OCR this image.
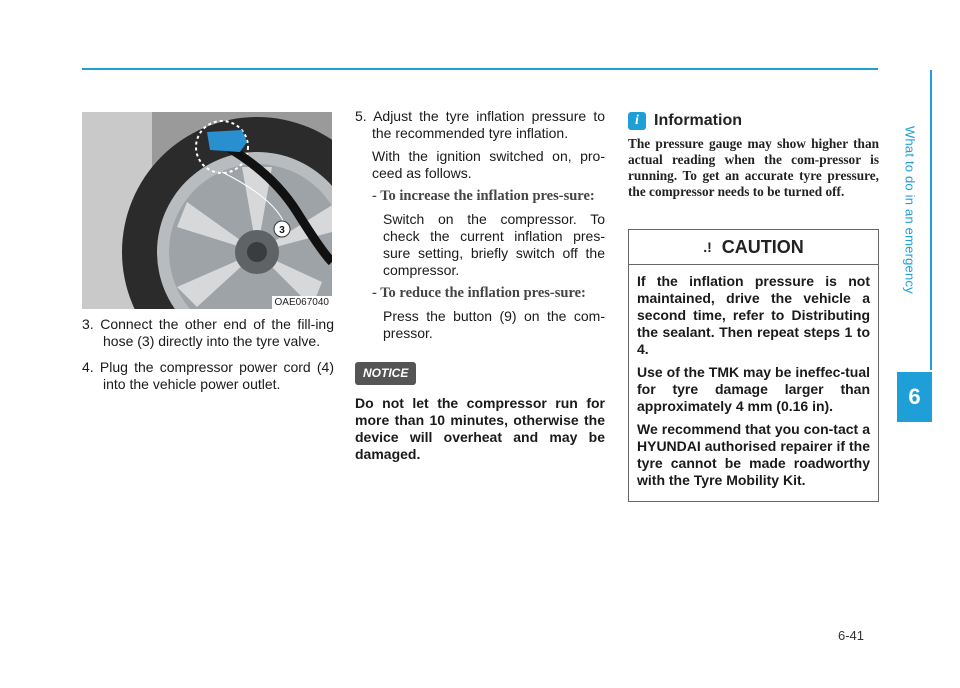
What to do in an emergency
6
3
OAE067040

3. Connect the other end of the fill-ing hose (3) directly into the tyre valve.

4. Plug the compressor power cord (4) into the vehicle power outlet.

5. Adjust the tyre inflation pressure to the recommended tyre inflation.

With the ignition switched on, pro-ceed as follows.

- To increase the inflation pres-sure:

Switch on the compressor. To check the current inflation pres-sure setting, briefly switch off the compressor.

- To reduce the inflation pres-sure:

Press the button (9) on the com-pressor.

NOTICE

Do not let the compressor run for more than 10 minutes, otherwise the device will overheat and may be damaged.

i Information

The pressure gauge may show higher than actual reading when the com-pressor is running. To get an accurate tyre pressure, the compressor needs to be turned off.

.! CAUTION

If the inflation pressure is not maintained, drive the vehicle a second time, refer to Distributing the sealant. Then repeat steps 1 to 4.

Use of the TMK may be ineffec-tual for tyre damage larger than approximately 4 mm (0.16 in).

We recommend that you con-tact a HYUNDAI authorised repairer if the tyre cannot be made roadworthy with the Tyre Mobility Kit.

6-41
